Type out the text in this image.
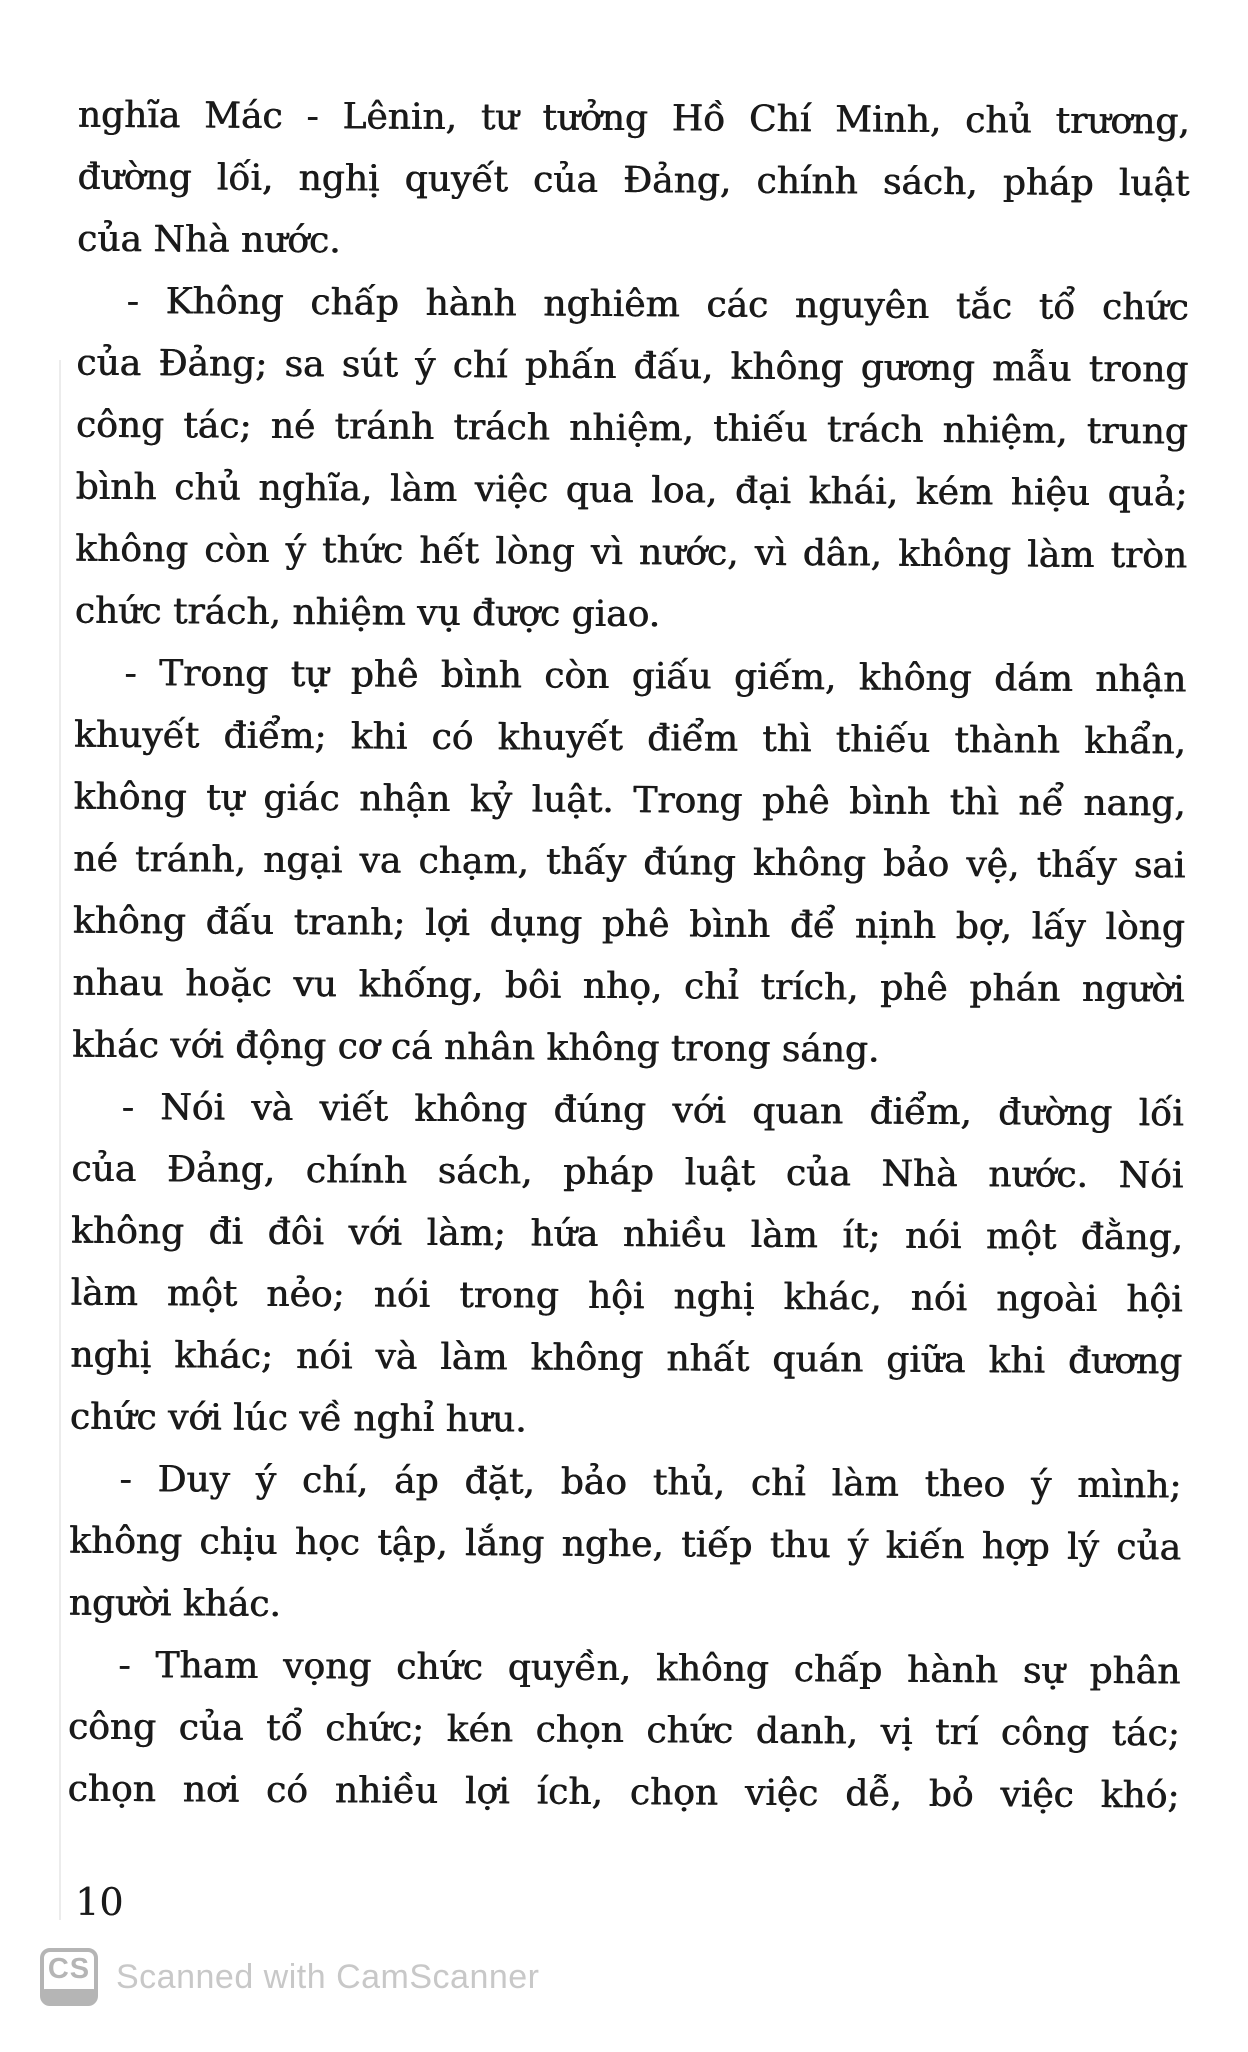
nghĩa Mác - Lênin, tư tưởng Hồ Chí Minh, chủ trương,
đường lối, nghị quyết của Đảng, chính sách, pháp luật
của Nhà nước.
- Không chấp hành nghiêm các nguyên tắc tổ chức
của Đảng; sa sút ý chí phấn đấu, không gương mẫu trong
công tác; né tránh trách nhiệm, thiếu trách nhiệm, trung
bình chủ nghĩa, làm việc qua loa, đại khái, kém hiệu quả;
không còn ý thức hết lòng vì nước, vì dân, không làm tròn
chức trách, nhiệm vụ được giao.
- Trong tự phê bình còn giấu giếm, không dám nhận
khuyết điểm; khi có khuyết điểm thì thiếu thành khẩn,
không tự giác nhận kỷ luật. Trong phê bình thì nể nang,
né tránh, ngại va chạm, thấy đúng không bảo vệ, thấy sai
không đấu tranh; lợi dụng phê bình để nịnh bợ, lấy lòng
nhau hoặc vu khống, bôi nhọ, chỉ trích, phê phán người
khác với động cơ cá nhân không trong sáng.
- Nói và viết không đúng với quan điểm, đường lối
của Đảng, chính sách, pháp luật của Nhà nước. Nói
không đi đôi với làm; hứa nhiều làm ít; nói một đằng,
làm một nẻo; nói trong hội nghị khác, nói ngoài hội
nghị khác; nói và làm không nhất quán giữa khi đương
chức với lúc về nghỉ hưu.
- Duy ý chí, áp đặt, bảo thủ, chỉ làm theo ý mình;
không chịu học tập, lắng nghe, tiếp thu ý kiến hợp lý của
người khác.
- Tham vọng chức quyền, không chấp hành sự phân
công của tổ chức; kén chọn chức danh, vị trí công tác;
chọn nơi có nhiều lợi ích, chọn việc dễ, bỏ việc khó;
10
CS Scanned with CamScanner
